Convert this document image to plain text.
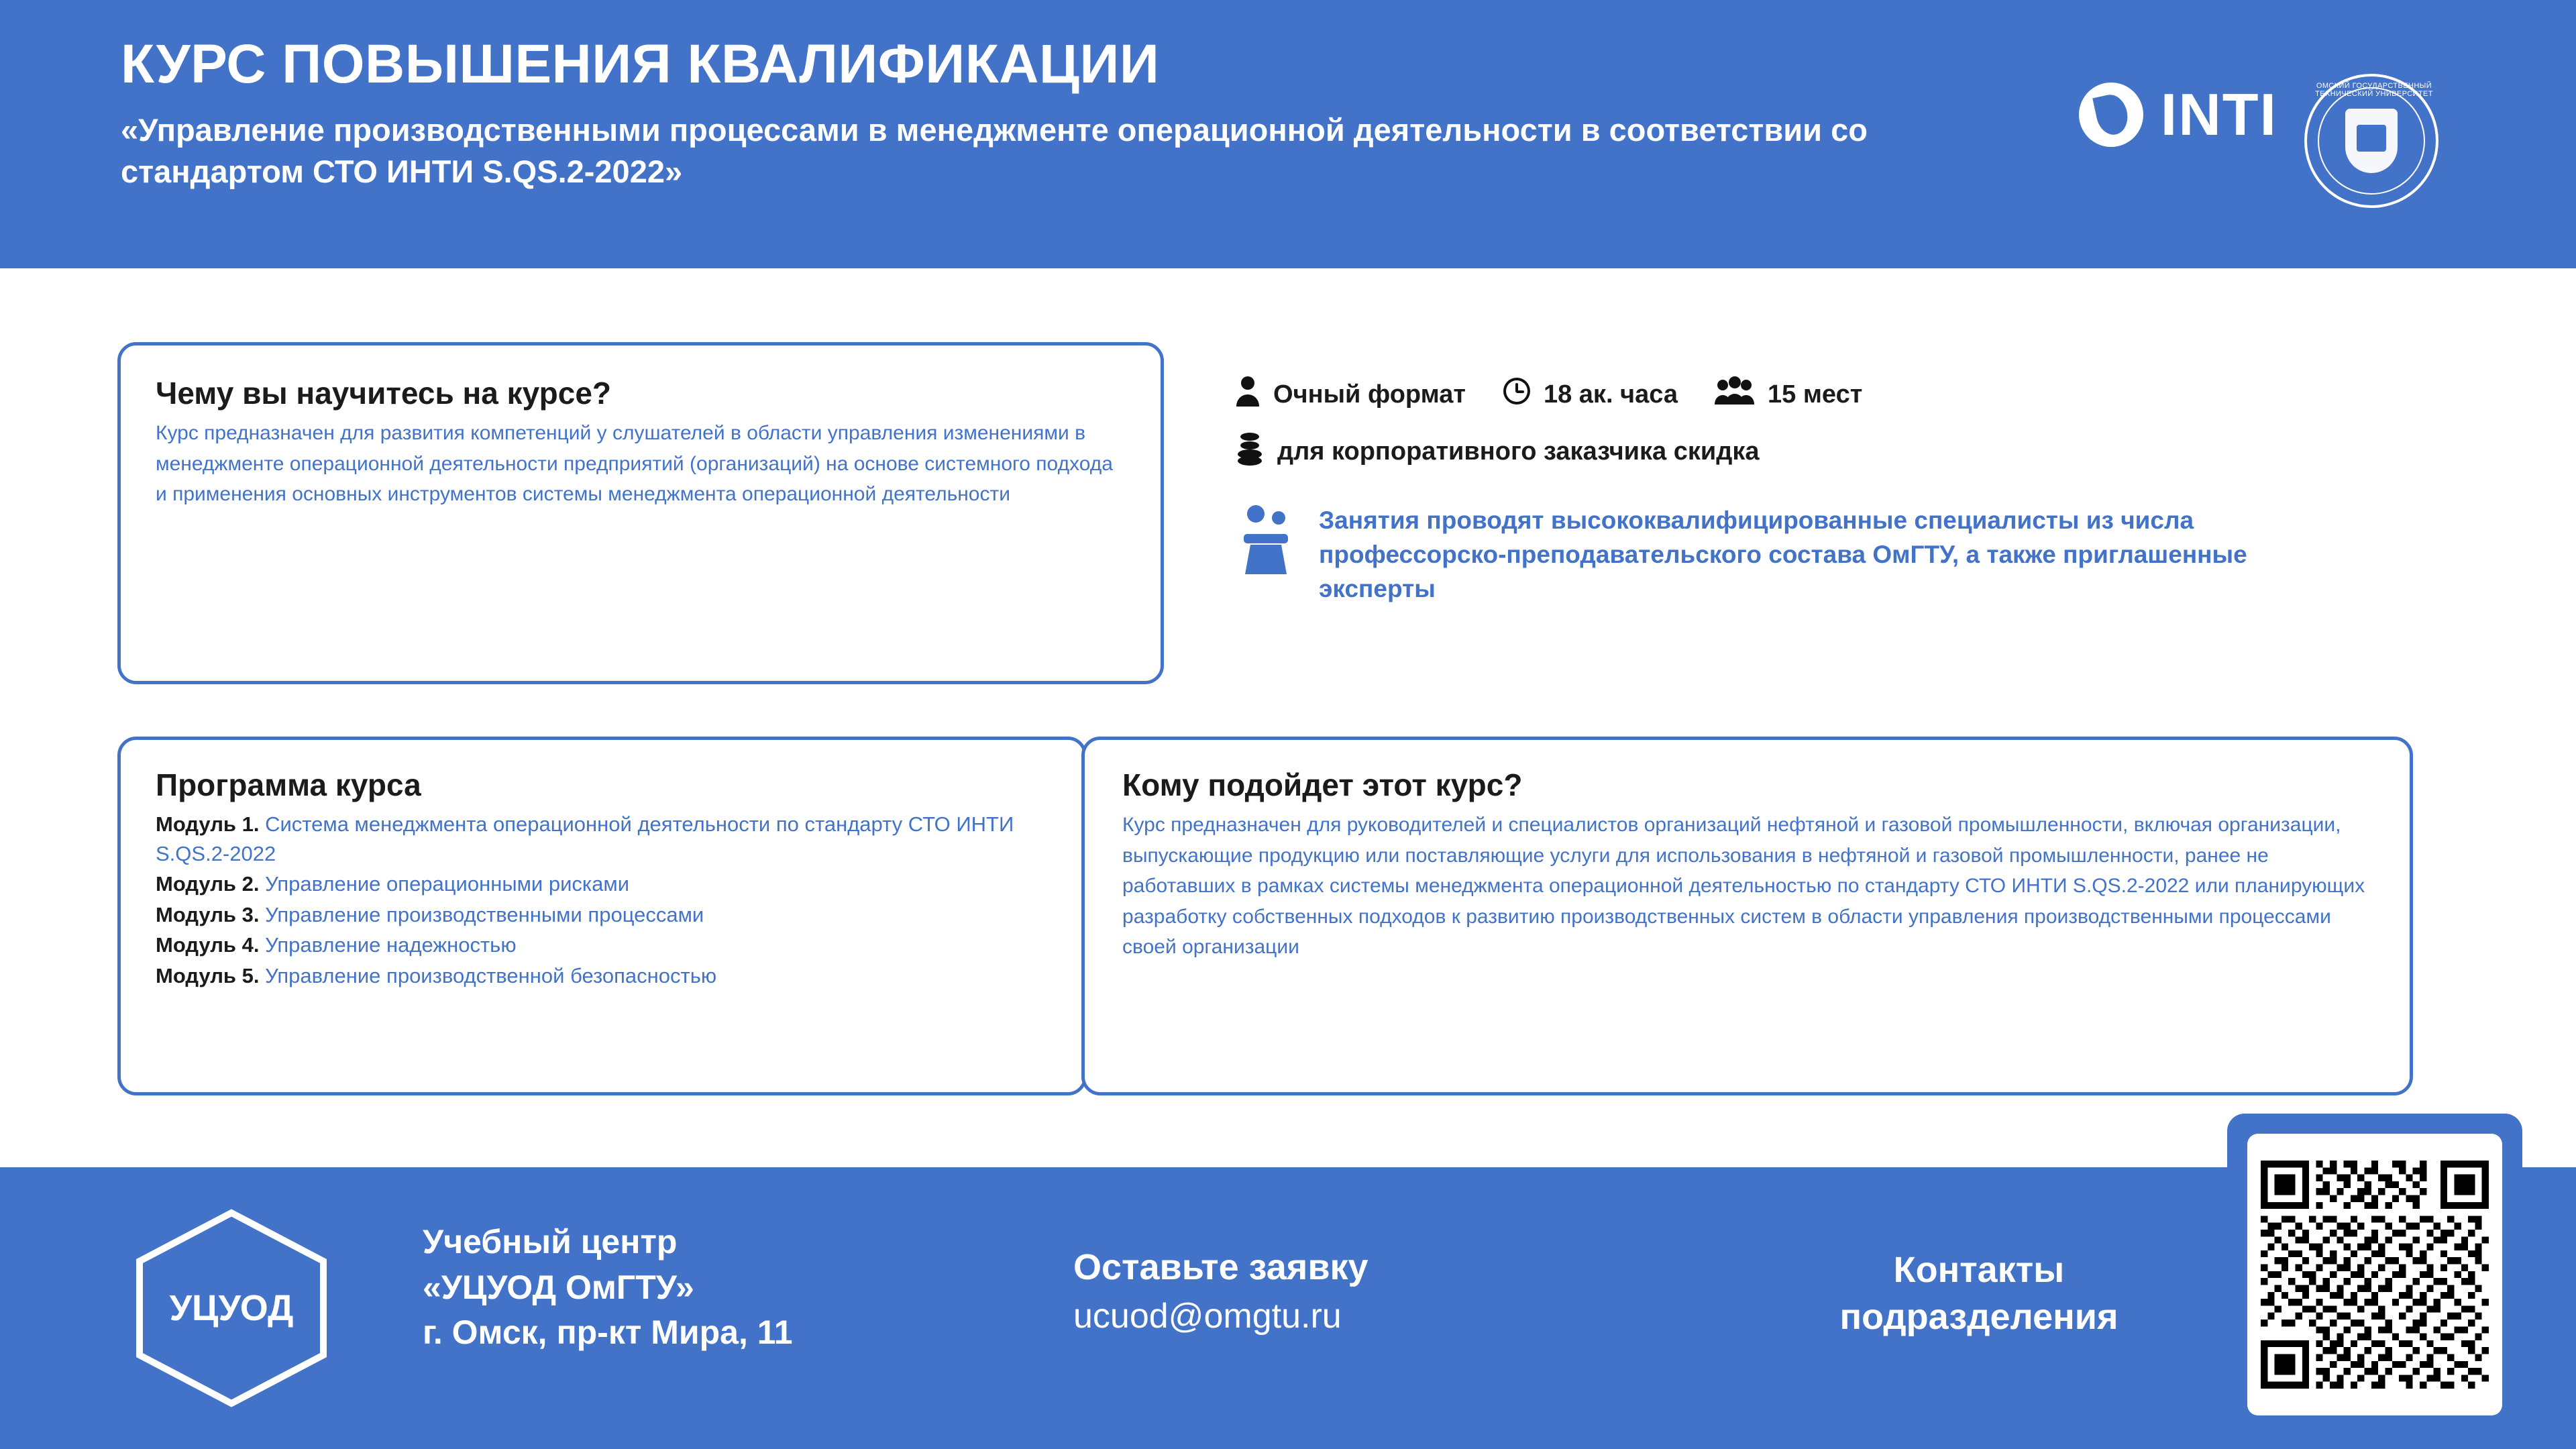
КУРС ПОВЫШЕНИЯ КВАЛИФИКАЦИИ
«Управление производственными процессами в менеджменте операционной деятельности в соответствии со стандартом СТО ИНТИ S.QS.2-2022»
INTI	ОМСКИЙ ГОСУДАРСТВЕННЫЙ ТЕХНИЧЕСКИЙ УНИВЕРСИТЕТ
Чему вы научитесь на курсе?
Курс предназначен для развития компетенций у слушателей в области управления изменениями в менеджменте операционной деятельности предприятий (организаций) на основе системного подхода и применения основных инструментов системы менеджмента операционной деятельности
Очный формат	18 ак. часа	15 мест
для корпоративного заказчика скидка
Занятия проводят высококвалифицированные специалисты из числа профессорско-преподавательского состава ОмГТУ, а также приглашенные эксперты
Программа курса
Модуль 1. Система менеджмента операционной деятельности по стандарту СТО ИНТИ S.QS.2-2022
Модуль 2. Управление операционными рисками
Модуль 3. Управление производственными процессами
Модуль 4. Управление надежностью
Модуль 5. Управление производственной безопасностью
Кому подойдет этот курс?
Курс предназначен для руководителей и специалистов организаций нефтяной и газовой промышленности, включая организации, выпускающие продукцию или поставляющие услуги для использования в нефтяной и газовой промышленности, ранее не работавших в рамках системы менеджмента операционной деятельностью по стандарту СТО ИНТИ S.QS.2-2022 или планирующих разработку собственных подходов к развитию производственных систем в области управления производственными процессами своей организации
УЦУОД
Учебный центр
«УЦУОД ОмГТУ»
г. Омск, пр-кт Мира, 11
Оставьте заявку
ucuod@omgtu.ru
Контакты
подразделения
